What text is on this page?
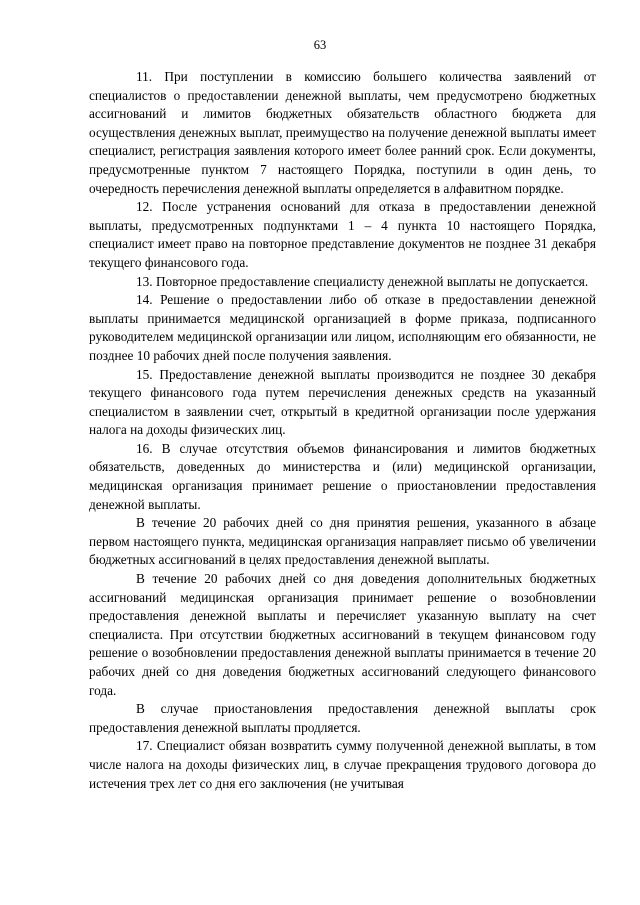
63

11. При поступлении в комиссию большего количества заявлений от специалистов о предоставлении денежной выплаты, чем предусмотрено бюджетных ассигнований и лимитов бюджетных обязательств областного бюджета для осуществления денежных выплат, преимущество на получение денежной выплаты имеет специалист, регистрация заявления которого имеет более ранний срок. Если документы, предусмотренные пунктом 7 настоящего Порядка, поступили в один день, то очередность перечисления денежной выплаты определяется в алфавитном порядке.

12. После устранения оснований для отказа в предоставлении денежной выплаты, предусмотренных подпунктами 1 – 4 пункта 10 настоящего Порядка, специалист имеет право на повторное представление документов не позднее 31 декабря текущего финансового года.

13. Повторное предоставление специалисту денежной выплаты не допускается.

14. Решение о предоставлении либо об отказе в предоставлении денежной выплаты принимается медицинской организацией в форме приказа, подписанного руководителем медицинской организации или лицом, исполняющим его обязанности, не позднее 10 рабочих дней после получения заявления.

15. Предоставление денежной выплаты производится не позднее 30 декабря текущего финансового года путем перечисления денежных средств на указанный специалистом в заявлении счет, открытый в кредитной организации после удержания налога на доходы физических лиц.

16. В случае отсутствия объемов финансирования и лимитов бюджетных обязательств, доведенных до министерства и (или) медицинской организации, медицинская организация принимает решение о приостановлении предоставления денежной выплаты.

В течение 20 рабочих дней со дня принятия решения, указанного в абзаце первом настоящего пункта, медицинская организация направляет письмо об увеличении бюджетных ассигнований в целях предоставления денежной выплаты.

В течение 20 рабочих дней со дня доведения дополнительных бюджетных ассигнований медицинская организация принимает решение о возобновлении предоставления денежной выплаты и перечисляет указанную выплату на счет специалиста. При отсутствии бюджетных ассигнований в текущем финансовом году решение о возобновлении предоставления денежной выплаты принимается в течение 20 рабочих дней со дня доведения бюджетных ассигнований следующего финансового года.

В случае приостановления предоставления денежной выплаты срок предоставления денежной выплаты продляется.

17. Специалист обязан возвратить сумму полученной денежной выплаты, в том числе налога на доходы физических лиц, в случае прекращения трудового договора до истечения трех лет со дня его заключения (не учитывая
